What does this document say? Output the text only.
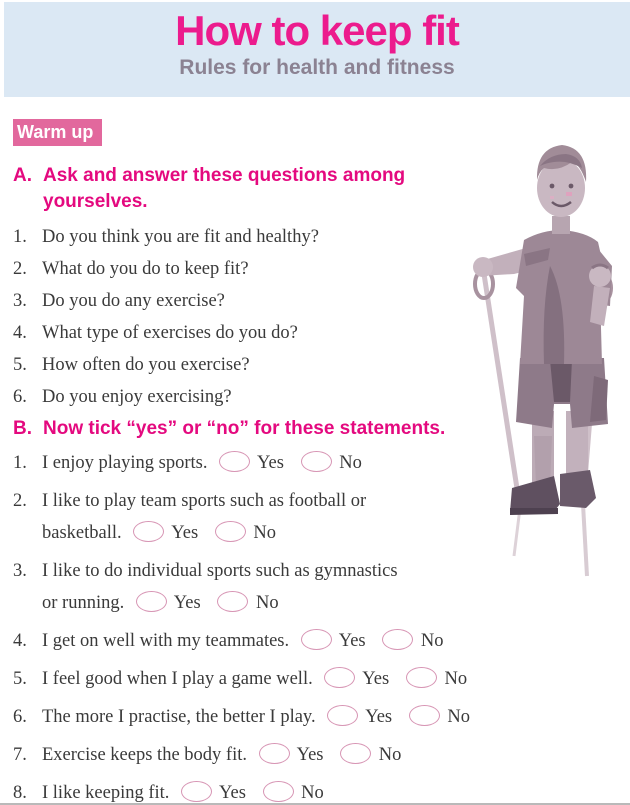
How to keep fit
Rules for health and fitness
Warm up
A. Ask and answer these questions among
yourselves.
1. Do you think you are fit and healthy?
2. What do you do to keep fit?
3. Do you do any exercise?
4. What type of exercises do you do?
5. How often do you exercise?
6. Do you enjoy exercising?
B. Now tick “yes” or “no” for these statements.
1. I enjoy playing sports.	Yes	No
2. I like to play team sports such as football or
basketball.	Yes	No
3. I like to do individual sports such as gymnastics
or running.	Yes	No
4. I get on well with my teammates.	Yes	No
5. I feel good when I play a game well.	Yes	No
6. The more I practise, the better I play.	Yes	No
7. Exercise keeps the body fit.	Yes	No
8. I like keeping fit.	Yes	No
